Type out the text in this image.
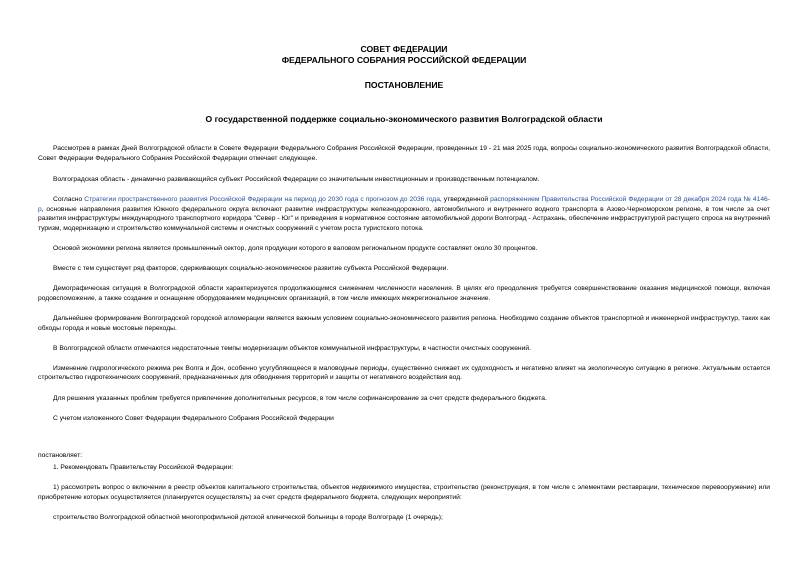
СОВЕТ ФЕДЕРАЦИИ
ФЕДЕРАЛЬНОГО СОБРАНИЯ РОССИЙСКОЙ ФЕДЕРАЦИИ
ПОСТАНОВЛЕНИЕ
О государственной поддержке социально-экономического развития Волгоградской области

Рассмотрев в рамках Дней Волгоградской области в Совете Федерации Федерального Собрания Российской Федерации, проведенных 19 - 21 мая 2025 года, вопросы социально-экономического развития Волгоградской области, Совет Федерации Федерального Собрания Российской Федерации отмечает следующее.

Волгоградская область - динамично развивающийся субъект Российской Федерации со значительным инвестиционным и производственным потенциалом.

Согласно Стратегии пространственного развития Российской Федерации на период до 2030 года с прогнозом до 2036 года, утвержденной распоряжением Правительства Российской Федерации от 28 декабря 2024 года № 4146-р, основные направления развития Южного федерального округа включают развитие инфраструктуры железнодорожного, автомобильного и внутреннего водного транспорта в Азово-Черноморском регионе, в том числе за счет развития инфраструктуры международного транспортного коридора "Север - Юг" и приведения в нормативное состояние автомобильной дороги Волгоград - Астрахань, обеспечение инфраструктурой растущего спроса на внутренний туризм, модернизацию и строительство коммунальной системы и очистных сооружений с учетом роста туристского потока.

Основой экономики региона является промышленный сектор, доля продукции которого в валовом региональном продукте составляет около 30 процентов.

Вместе с тем существует ряд факторов, сдерживающих социально-экономическое развитие субъекта Российской Федерации.

Демографическая ситуация в Волгоградской области характеризуется продолжающимся снижением численности населения. В целях его преодоления требуется совершенствование оказания медицинской помощи, включая родовспоможение, а также создание и оснащение оборудованием медицинских организаций, в том числе имеющих межрегиональное значение.

Дальнейшее формирование Волгоградской городской агломерации является важным условием социально-экономического развития региона. Необходимо создание объектов транспортной и инженерной инфраструктур, таких как обходы города и новые мостовые переходы.

В Волгоградской области отмечаются недостаточные темпы модернизации объектов коммунальной инфраструктуры, в частности очистных сооружений.

Изменение гидрологического режима рек Волга и Дон, особенно усугубляющееся в маловодные периоды, существенно снижает их судоходность и негативно влияет на экологическую ситуацию в регионе. Актуальным остается строительство гидротехнических сооружений, предназначенных для обводнения территорий и защиты от негативного воздействия вод.

Для решения указанных проблем требуется привлечение дополнительных ресурсов, в том числе софинансирование за счет средств федерального бюджета.

С учетом изложенного Совет Федерации Федерального Собрания Российской Федерации

постановляет:

1. Рекомендовать Правительству Российской Федерации:

1) рассмотреть вопрос о включении в реестр объектов капитального строительства, объектов недвижимого имущества, строительство (реконструкция, в том числе с элементами реставрации, техническое перевооружение) или приобретение которых осуществляется (планируется осуществлять) за счет средств федерального бюджета, следующих мероприятий:

строительство Волгоградской областной многопрофильной детской клинической больницы в городе Волгограде (1 очередь);
